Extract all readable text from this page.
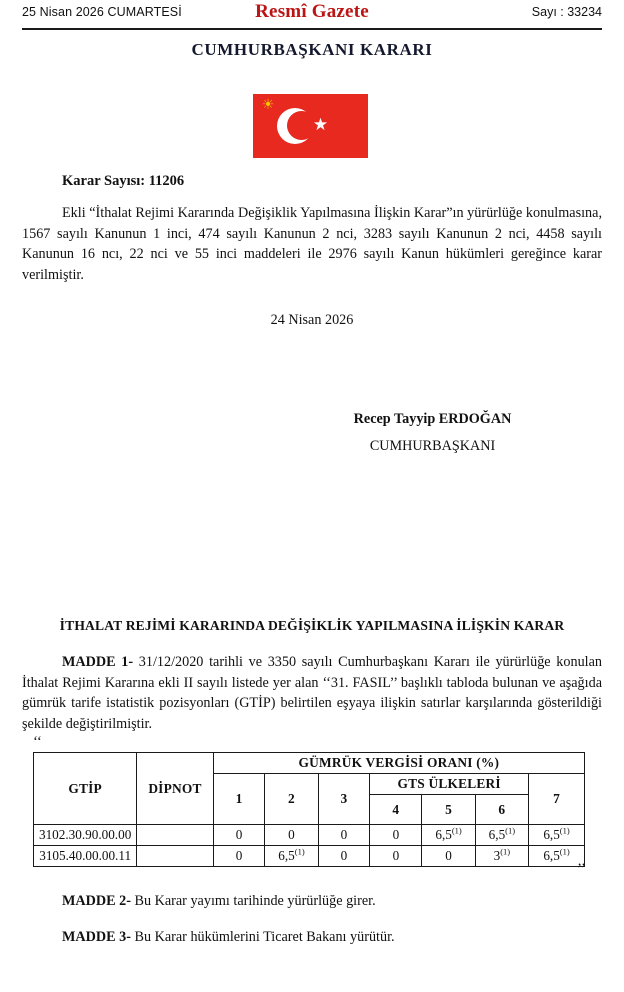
25 Nisan 2026 CUMARTESİ	Resmî Gazete	Sayı : 33234
CUMHURBAŞKANI KARARI
★
☀
Karar Sayısı: 11206
Ekli “İthalat Rejimi Kararında Değişiklik Yapılmasına İlişkin Karar”ın yürürlüğe konulmasına, 1567 sayılı Kanunun 1 inci, 474 sayılı Kanunun 2 nci, 3283 sayılı Kanunun 2 nci, 4458 sayılı Kanunun 16 ncı, 22 nci ve 55 inci maddeleri ile 2976 sayılı Kanun hükümleri gereğince karar verilmiştir.
24 Nisan 2026
Recep Tayyip ERDOĞAN
CUMHURBAŞKANI
İTHALAT REJİMİ KARARINDA DEĞİŞİKLİK YAPILMASINA İLİŞKİN KARAR
MADDE 1- 31/12/2020 tarihli ve 3350 sayılı Cumhurbaşkanı Kararı ile yürürlüğe konulan İthalat Rejimi Kararına ekli II sayılı listede yer alan ‘‘31. FASIL’’ başlıklı tabloda bulunan ve aşağıda gümrük tarife istatistik pozisyonları (GTİP) belirtilen eşyaya ilişkin satırlar karşılarında gösterildiği şekilde değiştirilmiştir.
‘‘
GTİP	DİPNOT	GÜMRÜK VERGİSİ ORANI (%)						
		1	2	3	GTS ÜLKELERİ			7
					4	5	6	
3102.30.90.00.00		0	0	0	0	6,5$^{(1)}$	6,5$^{(1)}$	6,5$^{(1)}$
3105.40.00.00.11		0	6,5$^{(1)}$	0	0	0	3$^{(1)}$	6,5$^{(1)}$
’’
MADDE 2- Bu Karar yayımı tarihinde yürürlüğe girer.
MADDE 3- Bu Karar hükümlerini Ticaret Bakanı yürütür.
